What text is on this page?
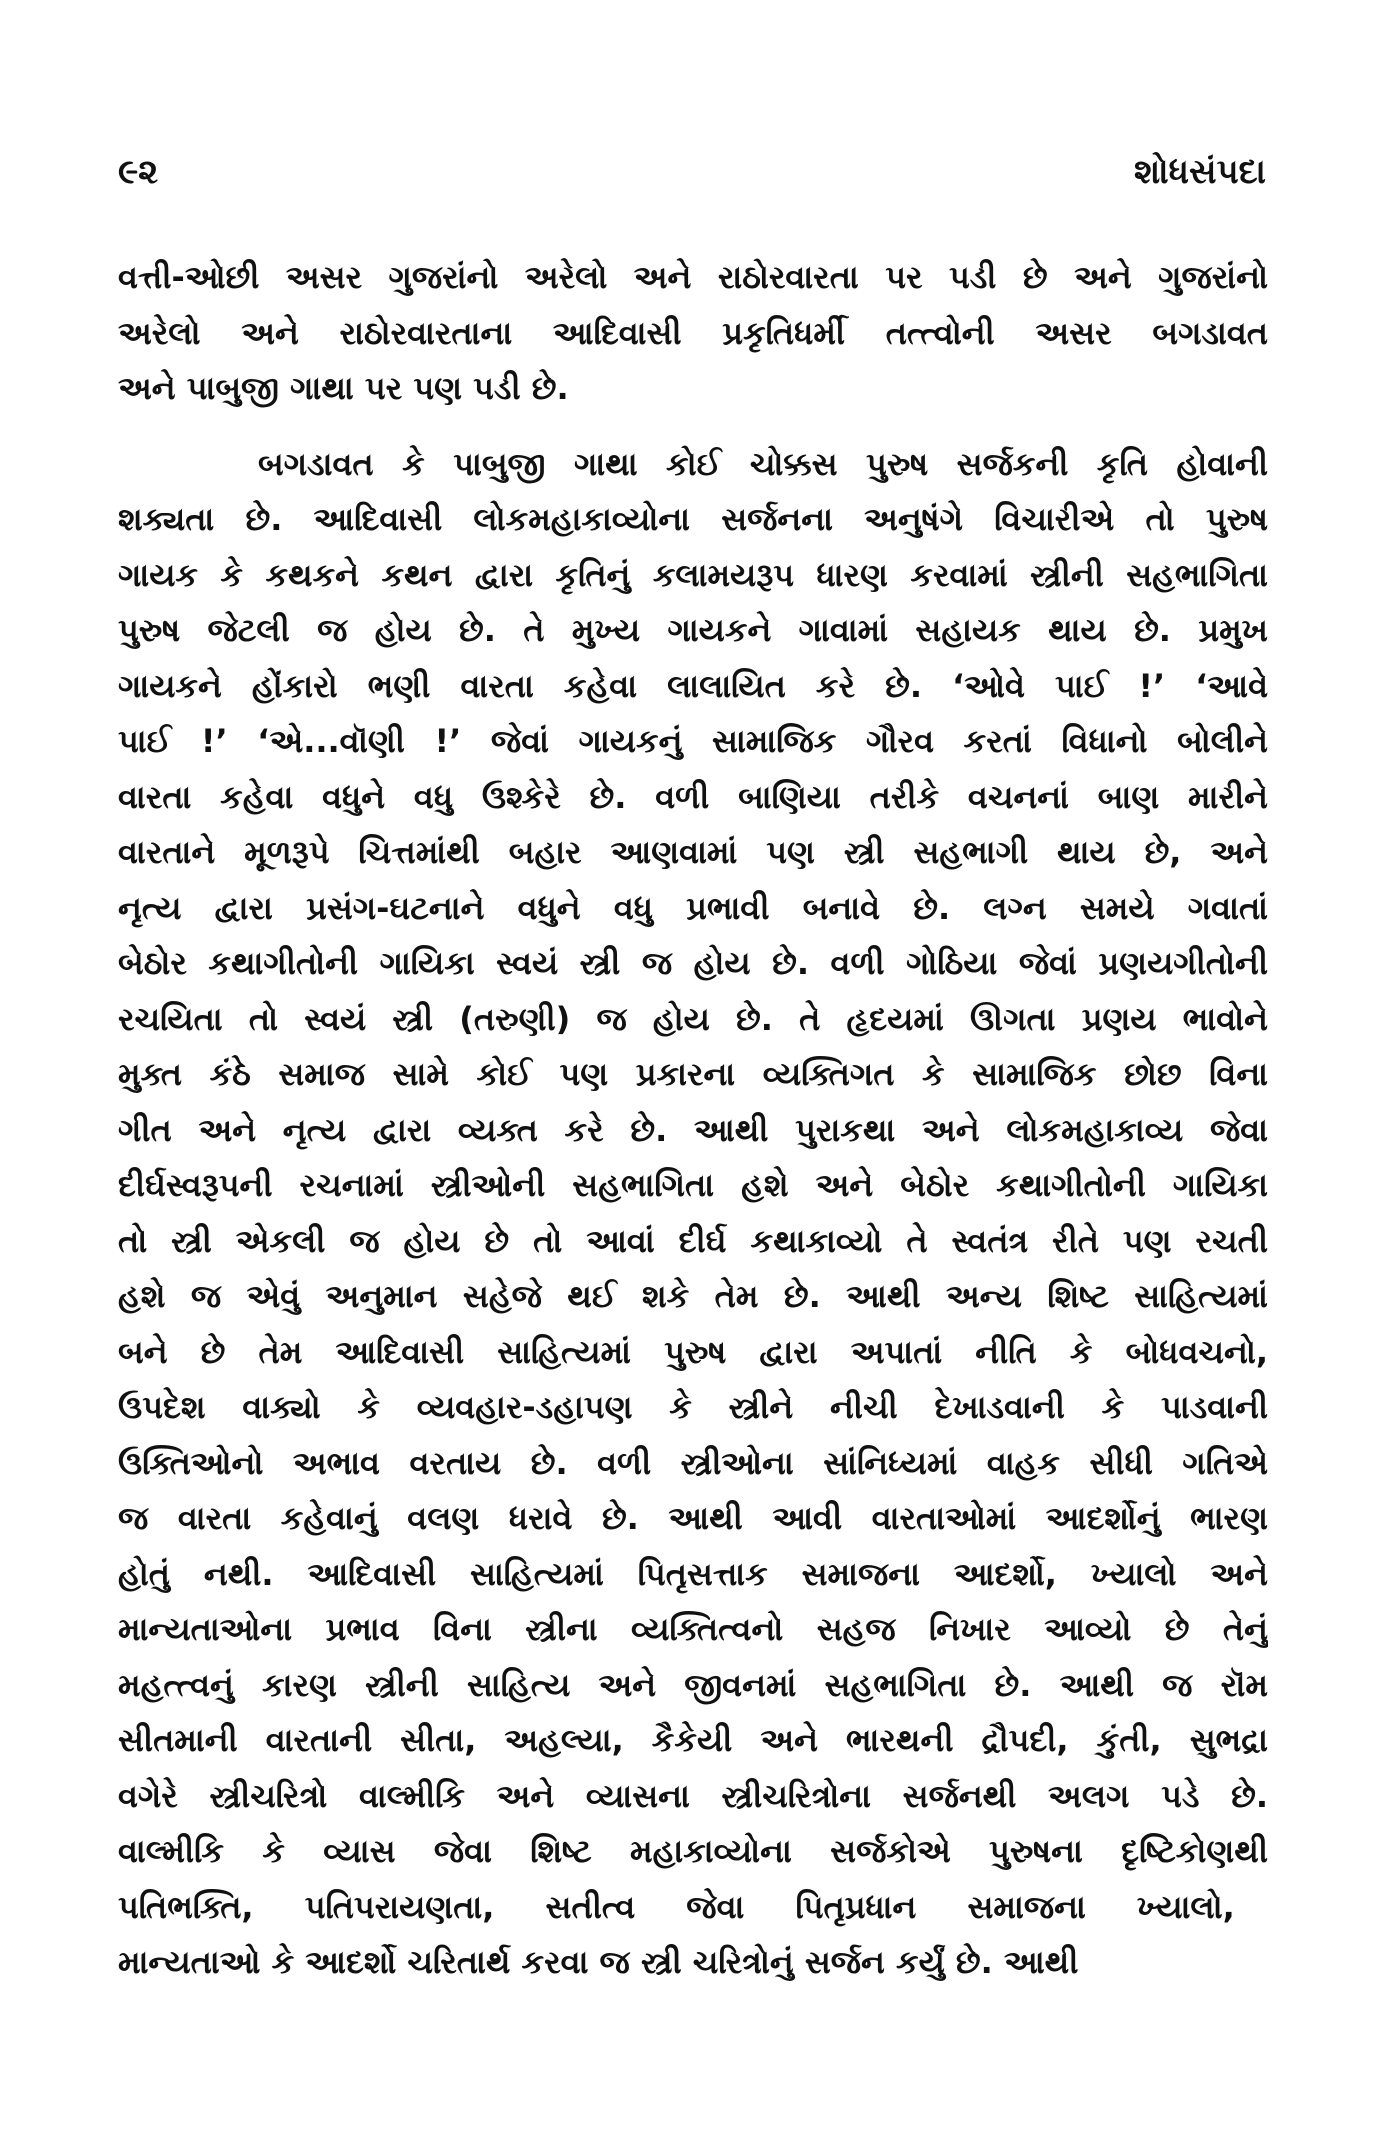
૯૨	શોધસંપદા
વત્તી-ઓછી અસર ગુજરાંનો અરેલો અને રાઠોરવારતા પર પડી છે અને ગુજરાંનો
અરેલો અને રાઠોરવારતાના આદિવાસી પ્રકૃતિધર્મી તત્ત્વોની અસર બગડાવત
અને પાબુજી ગાથા પર પણ પડી છે.
બગડાવત કે પાબુજી ગાથા કોઈ ચોક્કસ પુરુષ સર્જકની કૃતિ હોવાની
શક્યતા છે. આદિવાસી લોકમહાકાવ્યોના સર્જનના અનુષંગે વિચારીએ તો પુરુષ
ગાયક કે કથકને કથન દ્વારા કૃતિનું કલામયરૂપ ધારણ કરવામાં સ્ત્રીની સહભાગિતા
પુરુષ જેટલી જ હોય છે. તે મુખ્ય ગાયકને ગાવામાં સહાયક થાય છે. પ્રમુખ
ગાયકને હોંકારો ભણી વારતા કહેવા લાલાયિત કરે છે. ‘ઓવે પાઈ !’ ‘આવે
પાઈ !’ ‘એ...વૉણી !’ જેવાં ગાયકનું સામાજિક ગૌરવ કરતાં વિધાનો બોલીને
વારતા કહેવા વધુને વધુ ઉશ્કેરે છે. વળી બાણિયા તરીકે વચનનાં બાણ મારીને
વારતાને મૂળરૂપે ચિત્તમાંથી બહાર આણવામાં પણ સ્ત્રી સહભાગી થાય છે, અને
નૃત્ય દ્વારા પ્રસંગ-ઘટનાને વધુને વધુ પ્રભાવી બનાવે છે. લગ્ન સમયે ગવાતાં
બેઠોર કથાગીતોની ગાયિકા સ્વયં સ્ત્રી જ હોય છે. વળી ગોઠિયા જેવાં પ્રણયગીતોની
રચયિતા તો સ્વયં સ્ત્રી (તરુણી) જ હોય છે. તે હૃદયમાં ઊગતા પ્રણય ભાવોને
મુક્ત કંઠે સમાજ સામે કોઈ પણ પ્રકારના વ્યક્તિગત કે સામાજિક છોછ વિના
ગીત અને નૃત્ય દ્વારા વ્યક્ત કરે છે. આથી પુરાકથા અને લોકમહાકાવ્ય જેવા
દીર્ઘસ્વરૂપની રચનામાં સ્ત્રીઓની સહભાગિતા હશે અને બેઠોર કથાગીતોની ગાયિકા
તો સ્ત્રી એકલી જ હોય છે તો આવાં દીર્ઘ કથાકાવ્યો તે સ્વતંત્ર રીતે પણ રચતી
હશે જ એવું અનુમાન સહેજે થઈ શકે તેમ છે. આથી અન્ય શિષ્ટ સાહિત્યમાં
બને છે તેમ આદિવાસી સાહિત્યમાં પુરુષ દ્વારા અપાતાં નીતિ કે બોધવચનો,
ઉપદેશ વાક્યો કે વ્યવહાર-ડહાપણ કે સ્ત્રીને નીચી દેખાડવાની કે પાડવાની
ઉક્તિઓનો અભાવ વરતાય છે. વળી સ્ત્રીઓના સાંનિધ્યમાં વાહક સીધી ગતિએ
જ વારતા કહેવાનું વલણ ધરાવે છે. આથી આવી વારતાઓમાં આદર્શોનું ભારણ
હોતું નથી. આદિવાસી સાહિત્યમાં પિતૃસત્તાક સમાજના આદર્શો, ખ્યાલો અને
માન્યતાઓના પ્રભાવ વિના સ્ત્રીના વ્યક્તિત્વનો સહજ નિખાર આવ્યો છે તેનું
મહત્ત્વનું કારણ સ્ત્રીની સાહિત્ય અને જીવનમાં સહભાગિતા છે. આથી જ રૉમ
સીતમાની વારતાની સીતા, અહલ્યા, કૈકેયી અને ભારથની દ્રૌપદી, કુંતી, સુભદ્રા
વગેરે સ્ત્રીચરિત્રો વાલ્મીકિ અને વ્યાસના સ્ત્રીચરિત્રોના સર્જનથી અલગ પડે છે.
વાલ્મીકિ કે વ્યાસ જેવા શિષ્ટ મહાકાવ્યોના સર્જકોએ પુરુષના દૃષ્ટિકોણથી
પતિભક્તિ, પતિપરાયણતા, સતીત્વ જેવા પિતૃપ્રધાન સમાજના ખ્યાલો,
માન્યતાઓ કે આદર્શો ચરિતાર્થ કરવા જ સ્ત્રી ચરિત્રોનું સર્જન કર્યું છે. આથી
